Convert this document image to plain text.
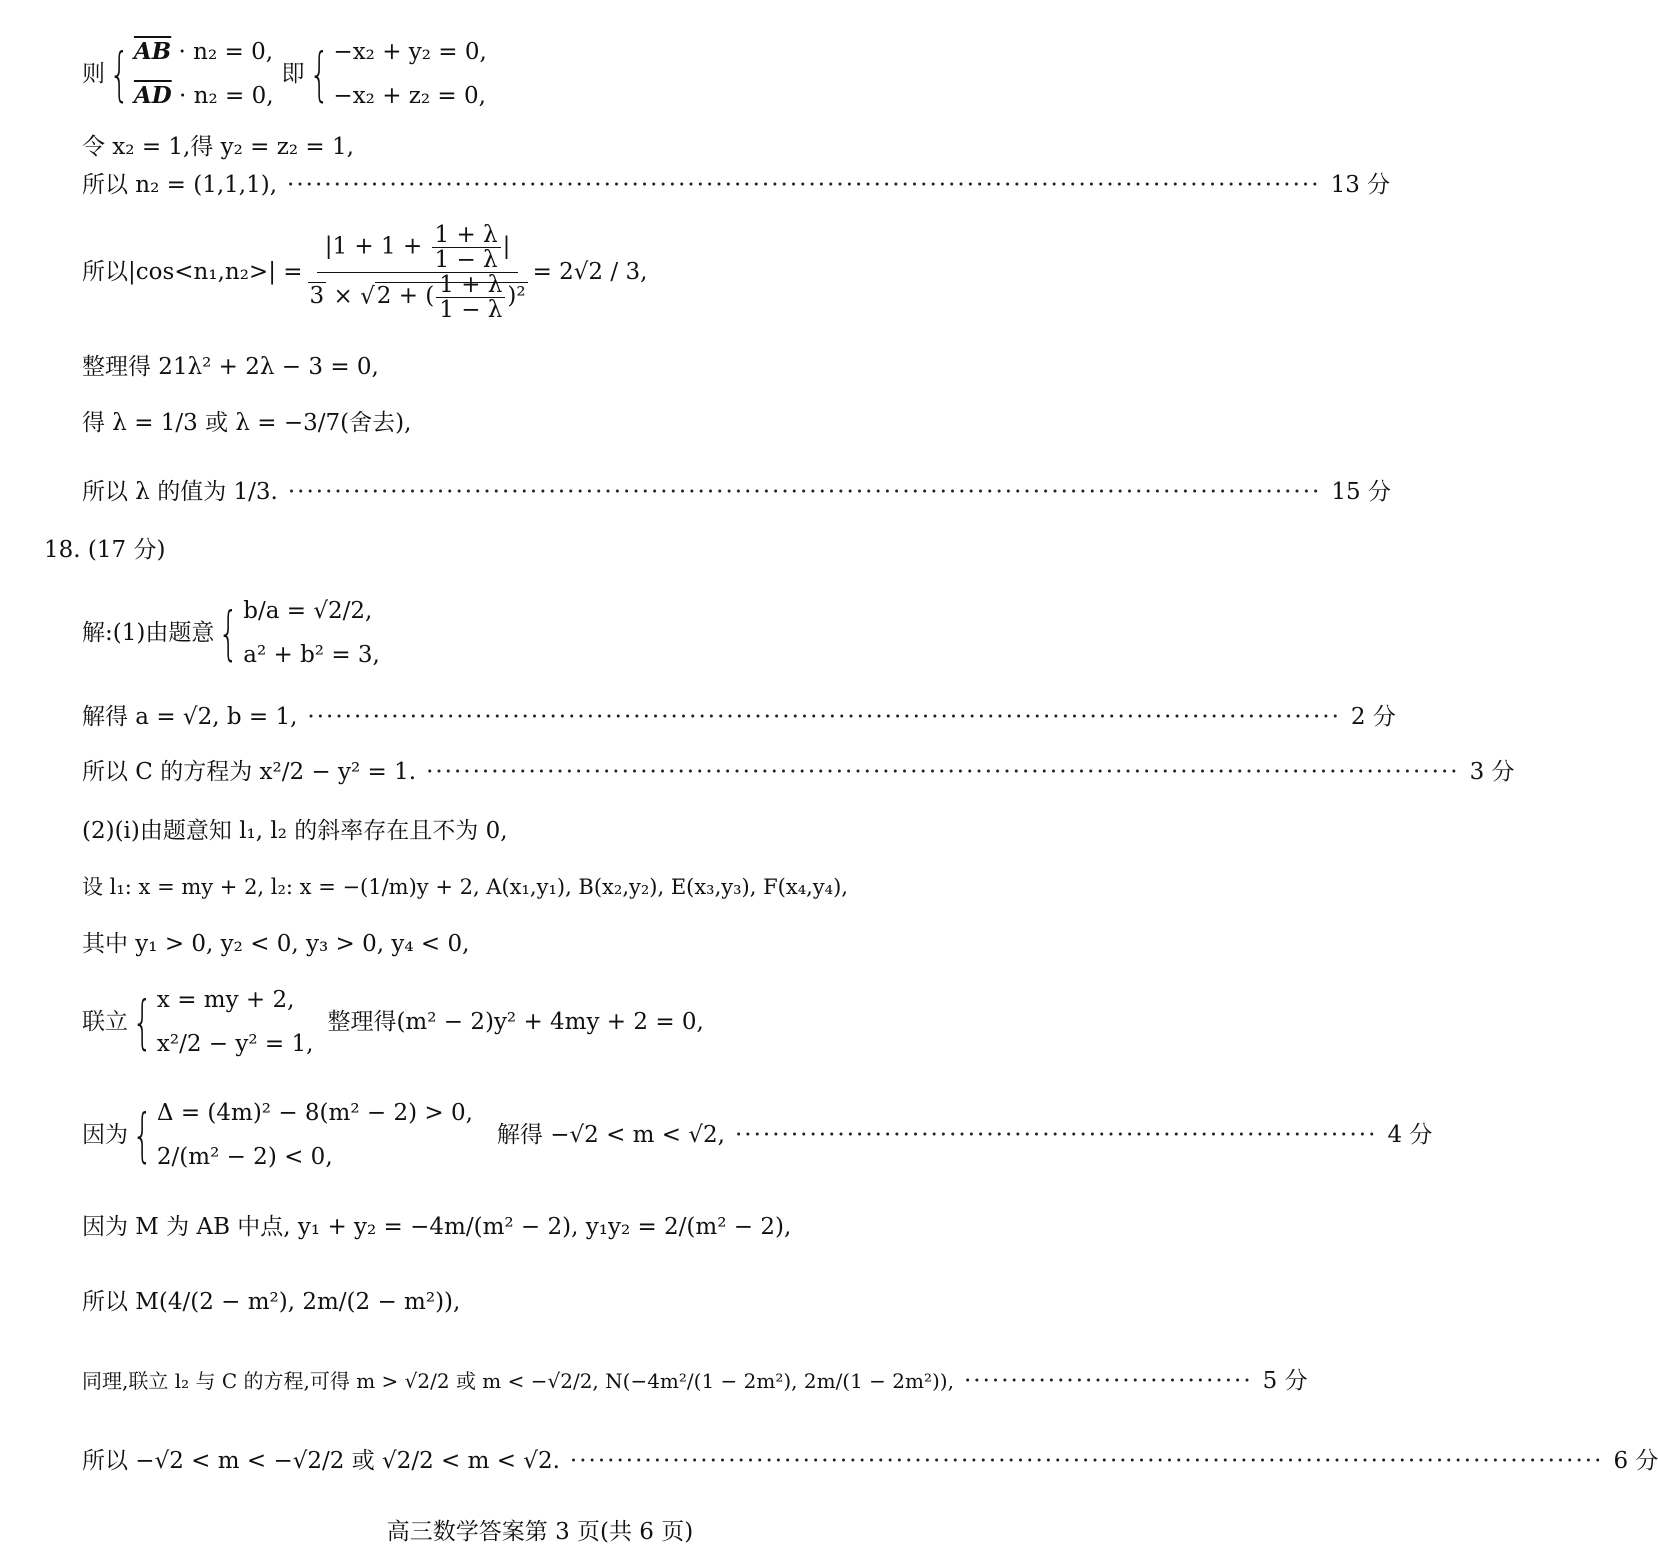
则 { $\overline{AB} \cdot n_2 = 0$,
$\overline{AD} \cdot n_2 = 0$,
即 { −x₂ + y₂ = 0,
−x₂ + z₂ = 0,
令 x₂ = 1,得 y₂ = z₂ = 1,
所以 n₂ = (1,1,1), ··············································································································· 13 分
所以$|\cos<n_1,n_2>| = \frac{|1 + 1 + \frac{1 + \lambda}{1 - \lambda} |}{3 \times √2 + ( \frac{1 + \lambda}{1 - \lambda} )^2} = 2√2 / 3$,
整理得 21λ² + 2λ − 3 = 0,
得 λ = 1/3 或 λ = −3/7(舍去),
所以 λ 的值为 1/3. ··············································································································· 15 分
18. (17 分)
解:(1)由题意 { b/a = √2/2,
a² + b² = 3,
解得 a = √2, b = 1, ··············································································································· 2 分
所以 C 的方程为 x²/2 − y² = 1. ··············································································································· 3 分
(2)(ⅰ)由题意知 l₁, l₂ 的斜率存在且不为 0,
设 l₁: x = my + 2, l₂: x = −(1/m)y + 2, A(x₁,y₁), B(x₂,y₂), E(x₃,y₃), F(x₄,y₄),
其中 y₁ > 0, y₂ < 0, y₃ > 0, y₄ < 0,
联立 { x = my + 2,
x²/2 − y² = 1,
整理得(m² − 2)y² + 4my + 2 = 0,
因为 { Δ = (4m)² − 8(m² − 2) > 0,
2/(m² − 2) < 0,
解得 −√2 < m < √2, ····································································· 4 分
因为 M 为 AB 中点, y₁ + y₂ = −4m/(m² − 2), y₁y₂ = 2/(m² − 2),
所以 M(4/(2 − m²), 2m/(2 − m²)),
同理,联立 l₂ 与 C 的方程,可得 m > √2/2 或 m < −√2/2, N(−4m²/(1 − 2m²), 2m/(1 − 2m²)), ······························· 5 分
所以 −√2 < m < −√2/2 或 √2/2 < m < √2. ··············································································································· 6 分
高三数学答案第 3 页(共 6 页)
